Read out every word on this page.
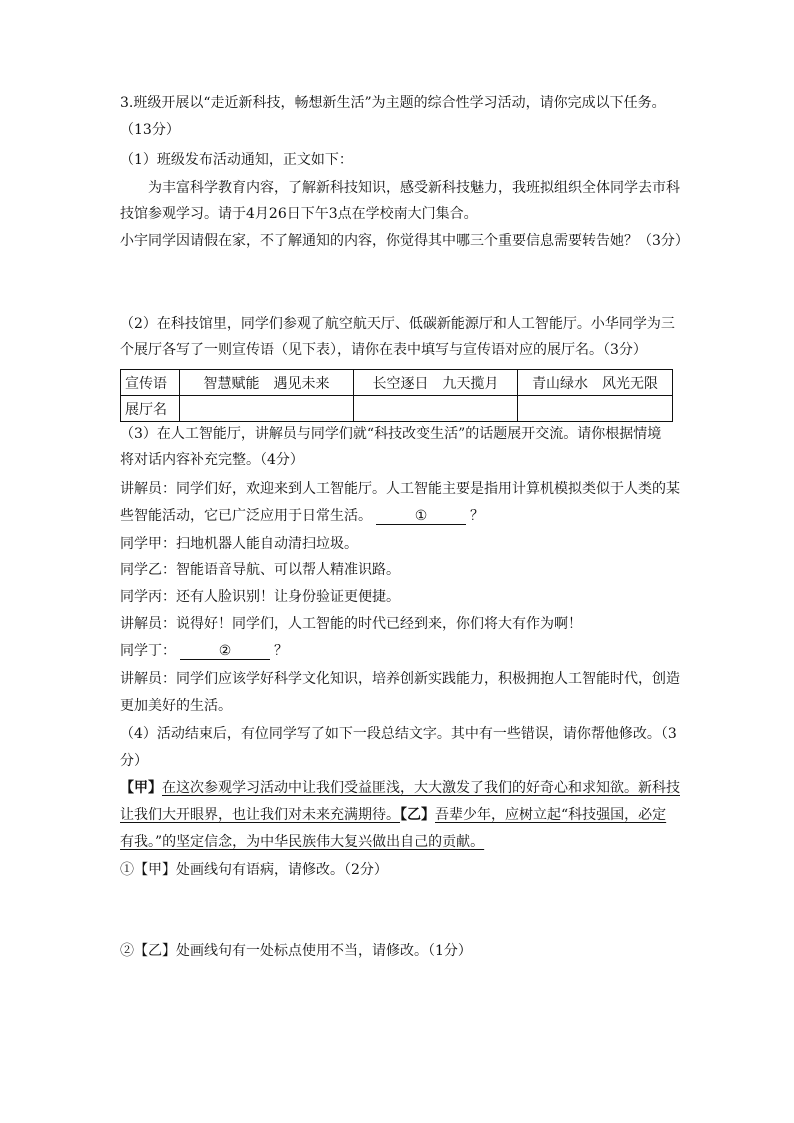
3.班级开展以“走近新科技，畅想新生活”为主题的综合性学习活动，请你完成以下任务。
（13分）
（1）班级发布活动通知，正文如下：
为丰富科学教育内容，了解新科技知识，感受新科技魅力，我班拟组织全体同学去市科
技馆参观学习。请于4月26日下午3点在学校南大门集合。
小宇同学因请假在家，不了解通知的内容，你觉得其中哪三个重要信息需要转告她？（3分）
（2）在科技馆里，同学们参观了航空航天厅、低碳新能源厅和人工智能厅。小华同学为三
个展厅各写了一则宣传语（见下表），请你在表中填写与宣传语对应的展厅名。（3分）
宣传语	智慧赋能　遇见未来	长空逐日　九天揽月	青山绿水　风光无限
展厅名			
（3）在人工智能厅，讲解员与同学们就“科技改变生活”的话题展开交流。请你根据情境
将对话内容补充完整。（4分）
讲解员：同学们好，欢迎来到人工智能厅。人工智能主要是指用计算机模拟类似于人类的某
些智能活动，它已广泛应用于日常生活。	①	？
同学甲：扫地机器人能自动清扫垃圾。
同学乙：智能语音导航、可以帮人精准识路。
同学丙：还有人脸识别！让身份验证更便捷。
讲解员：说得好！同学们，人工智能的时代已经到来，你们将大有作为啊！
同学丁：	②	？
讲解员：同学们应该学好科学文化知识，培养创新实践能力，积极拥抱人工智能时代，创造
更加美好的生活。
（4）活动结束后，有位同学写了如下一段总结文字。其中有一些错误，请你帮他修改。（3
分）
【甲】在这次参观学习活动中让我们受益匪浅，大大激发了我们的好奇心和求知欲。新科技
让我们大开眼界，也让我们对未来充满期待。【乙】吾辈少年，应树立起“科技强国，必定
有我。”的坚定信念，为中华民族伟大复兴做出自己的贡献。
①【甲】处画线句有语病，请修改。（2分）
②【乙】处画线句有一处标点使用不当，请修改。（1分）
